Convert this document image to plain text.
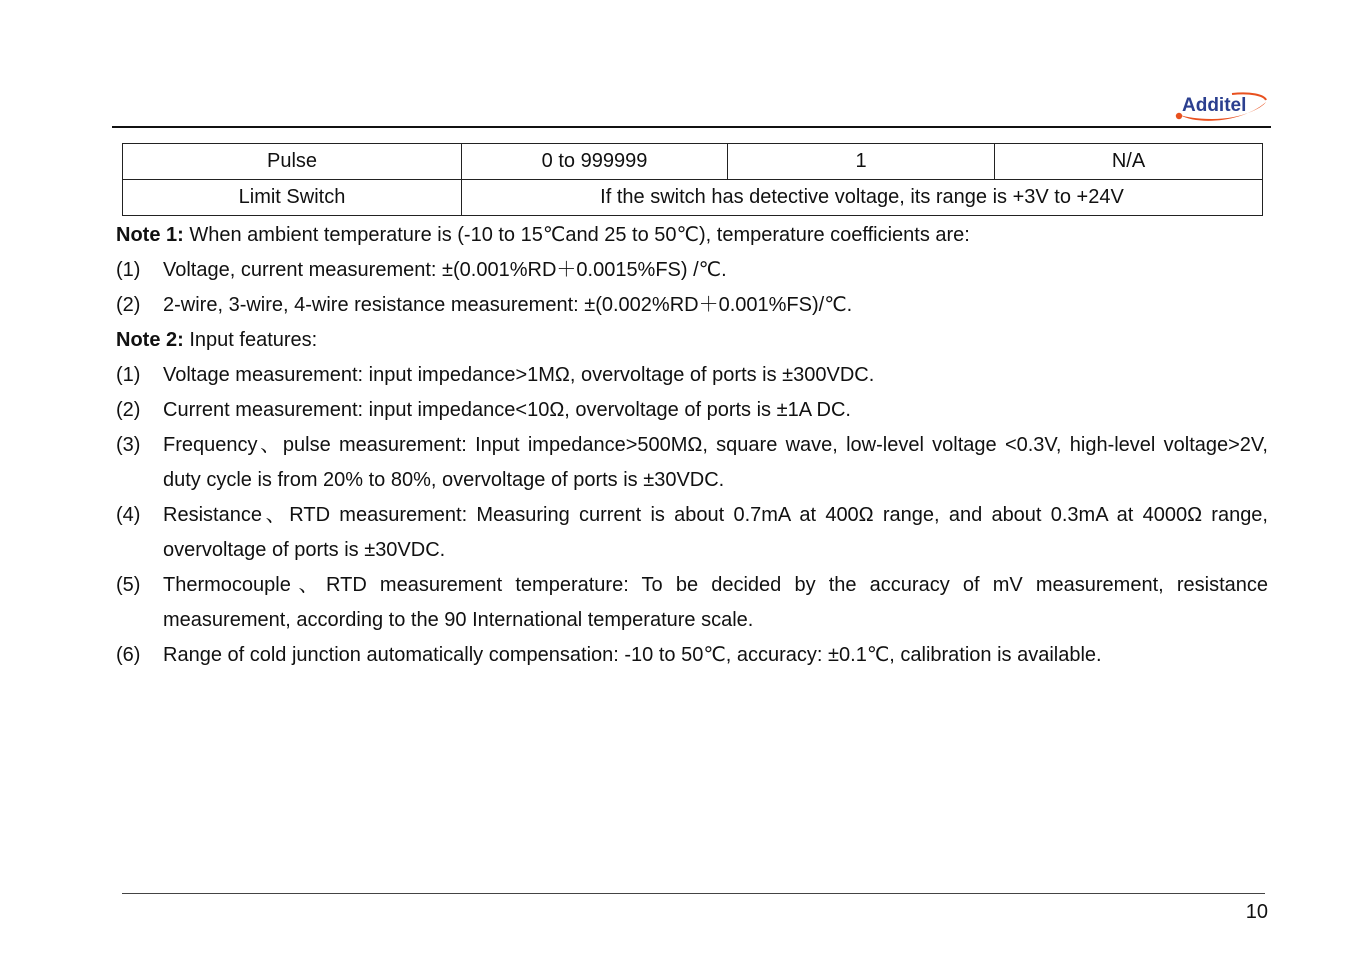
Additel
Pulse	0 to 999999	1	N/A
Limit Switch	If the switch has detective voltage, its range is +3V to +24V		

Note 1: When ambient temperature is (-10 to 15℃and 25 to 50℃), temperature coefficients are:

(1)	Voltage, current measurement: ±(0.001%RD＋0.0015%FS) /℃.
(2)	2-wire, 3-wire, 4-wire resistance measurement: ±(0.002%RD＋0.001%FS)/℃.

Note 2: Input features:

(1)	Voltage measurement: input impedance>1MΩ, overvoltage of ports is ±300VDC.
(2)	Current measurement: input impedance<10Ω, overvoltage of ports is ±1A DC.
(3)	Frequency、pulse measurement: Input impedance>500MΩ, square wave, low-level voltage <0.3V, high-level voltage>2V, duty cycle is from 20% to 80%, overvoltage of ports is ±30VDC.
(4)	Resistance、RTD measurement: Measuring current is about 0.7mA at 400Ω range, and about 0.3mA at 4000Ω range, overvoltage of ports is ±30VDC.
(5)	Thermocouple、RTD measurement temperature: To be decided by the accuracy of mV measurement, resistance measurement, according to the 90 International temperature scale.
(6)	Range of cold junction automatically compensation: -10 to 50℃, accuracy: ±0.1℃, calibration is available.
10
